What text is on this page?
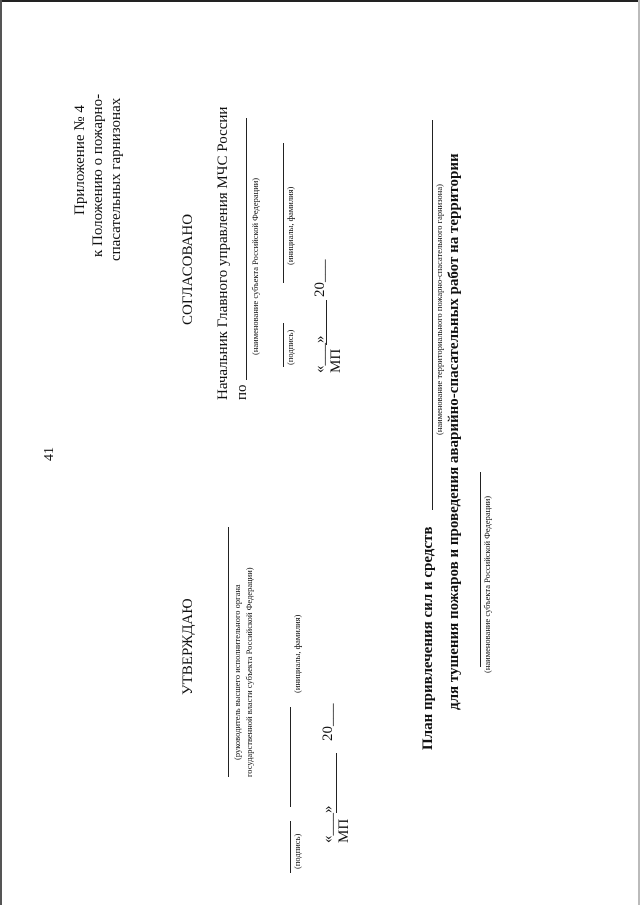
41
Приложение № 4 к Положению о пожарно- спасательных гарнизонах
УТВЕРЖДАЮ	(руководитель высшего исполнительного органа государственной власти субъекта Российской Федерации)	(инициалы, фамилия)
(подпись)
«___»
20___
МП
СОГЛАСОВАНО Начальник Главного управления МЧС России по
(наименование субъекта Российской Федерации)	(подпись)
(инициалы, фамилия)
«___»
20___
МП
План привлечения сил и средств
(наименование территориального пожарно-спасательного гарнизона) для тушения пожаров и проведения аварийно-спасательных работ на территории (наименование субъекта Российской Федерации)
